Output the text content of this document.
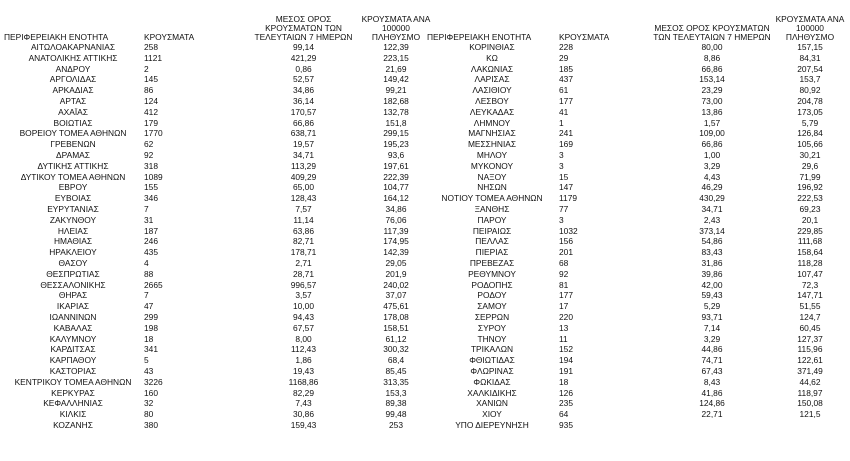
ΠΕΡΙΦΕΡΕΙΑΚΗ ΕΝΟΤΗΤΑ	ΚΡΟΥΣΜΑΤΑ	ΜΕΣΟΣ ΟΡΟΣ ΚΡΟΥΣΜΑΤΩΝ ΤΩΝ ΤΕΛΕΥΤΑΙΩΝ 7 ΗΜΕΡΩΝ	ΚΡΟΥΣΜΑΤΑ ΑΝΑ 100000 ΠΛΗΘΥΣΜΟ
ΑΙΤΩΛΟΑΚΑΡΝΑΝΙΑΣ	258	99,14	122,39
ΑΝΑΤΟΛΙΚΗΣ ΑΤΤΙΚΗΣ	1121	421,29	223,15
ΑΝΔΡΟΥ	2	0,86	21,69
ΑΡΓΟΛΙΔΑΣ	145	52,57	149,42
ΑΡΚΑΔΙΑΣ	86	34,86	99,21
ΑΡΤΑΣ	124	36,14	182,68
ΑΧΑΪΑΣ	412	170,57	132,78
ΒΟΙΩΤΙΑΣ	179	66,86	151,8
ΒΟΡΕΙΟΥ ΤΟΜΕΑ ΑΘΗΝΩΝ	1770	638,71	299,15
ΓΡΕΒΕΝΩΝ	62	19,57	195,23
ΔΡΑΜΑΣ	92	34,71	93,6
ΔΥΤΙΚΗΣ ΑΤΤΙΚΗΣ	318	113,29	197,61
ΔΥΤΙΚΟΥ ΤΟΜΕΑ ΑΘΗΝΩΝ	1089	409,29	222,39
ΕΒΡΟΥ	155	65,00	104,77
ΕΥΒΟΙΑΣ	346	128,43	164,12
ΕΥΡΥΤΑΝΙΑΣ	7	7,57	34,86
ΖΑΚΥΝΘΟΥ	31	11,14	76,06
ΗΛΕΙΑΣ	187	63,86	117,39
ΗΜΑΘΙΑΣ	246	82,71	174,95
ΗΡΑΚΛΕΙΟΥ	435	178,71	142,39
ΘΑΣΟΥ	4	2,71	29,05
ΘΕΣΠΡΩΤΙΑΣ	88	28,71	201,9
ΘΕΣΣΑΛΟΝΙΚΗΣ	2665	996,57	240,02
ΘΗΡΑΣ	7	3,57	37,07
ΙΚΑΡΙΑΣ	47	10,00	475,61
ΙΩΑΝΝΙΝΩΝ	299	94,43	178,08
ΚΑΒΑΛΑΣ	198	67,57	158,51
ΚΑΛΥΜΝΟΥ	18	8,00	61,12
ΚΑΡΔΙΤΣΑΣ	341	112,43	300,32
ΚΑΡΠΑΘΟΥ	5	1,86	68,4
ΚΑΣΤΟΡΙΑΣ	43	19,43	85,45
ΚΕΝΤΡΙΚΟΥ ΤΟΜΕΑ ΑΘΗΝΩΝ	3226	1168,86	313,35
ΚΕΡΚΥΡΑΣ	160	82,29	153,3
ΚΕΦΑΛΛΗΝΙΑΣ	32	7,43	89,38
ΚΙΛΚΙΣ	80	30,86	99,48
ΚΟΖΑΝΗΣ	380	159,43	253
ΠΕΡΙΦΕΡΕΙΑΚΗ ΕΝΟΤΗΤΑ	ΚΡΟΥΣΜΑΤΑ	ΜΕΣΟΣ ΟΡΟΣ ΚΡΟΥΣΜΑΤΩΝ ΤΩΝ ΤΕΛΕΥΤΑΙΩΝ 7 ΗΜΕΡΩΝ	ΚΡΟΥΣΜΑΤΑ ΑΝΑ 100000 ΠΛΗΘΥΣΜΟ
ΚΟΡΙΝΘΙΑΣ	228	80,00	157,15
ΚΩ	29	8,86	84,31
ΛΑΚΩΝΙΑΣ	185	66,86	207,54
ΛΑΡΙΣΑΣ	437	153,14	153,7
ΛΑΣΙΘΙΟΥ	61	23,29	80,92
ΛΕΣΒΟΥ	177	73,00	204,78
ΛΕΥΚΑΔΑΣ	41	13,86	173,05
ΛΗΜΝΟΥ	1	1,57	5,79
ΜΑΓΝΗΣΙΑΣ	241	109,00	126,84
ΜΕΣΣΗΝΙΑΣ	169	66,86	105,66
ΜΗΛΟΥ	3	1,00	30,21
ΜΥΚΟΝΟΥ	3	3,29	29,6
ΝΑΞΟΥ	15	4,43	71,99
ΝΗΣΩΝ	147	46,29	196,92
ΝΟΤΙΟΥ ΤΟΜΕΑ ΑΘΗΝΩΝ	1179	430,29	222,53
ΞΑΝΘΗΣ	77	34,71	69,23
ΠΑΡΟΥ	3	2,43	20,1
ΠΕΙΡΑΙΩΣ	1032	373,14	229,85
ΠΕΛΛΑΣ	156	54,86	111,68
ΠΙΕΡΙΑΣ	201	83,43	158,64
ΠΡΕΒΕΖΑΣ	68	31,86	118,28
ΡΕΘΥΜΝΟΥ	92	39,86	107,47
ΡΟΔΟΠΗΣ	81	42,00	72,3
ΡΟΔΟΥ	177	59,43	147,71
ΣΑΜΟΥ	17	5,29	51,55
ΣΕΡΡΩΝ	220	93,71	124,7
ΣΥΡΟΥ	13	7,14	60,45
ΤΗΝΟΥ	11	3,29	127,37
ΤΡΙΚΑΛΩΝ	152	44,86	115,96
ΦΘΙΩΤΙΔΑΣ	194	74,71	122,61
ΦΛΩΡΙΝΑΣ	191	67,43	371,49
ΦΩΚΙΔΑΣ	18	8,43	44,62
ΧΑΛΚΙΔΙΚΗΣ	126	41,86	118,97
ΧΑΝΙΩΝ	235	124,86	150,08
ΧΙΟΥ	64	22,71	121,5
ΥΠΟ ΔΙΕΡΕΥΝΗΣΗ	935		
